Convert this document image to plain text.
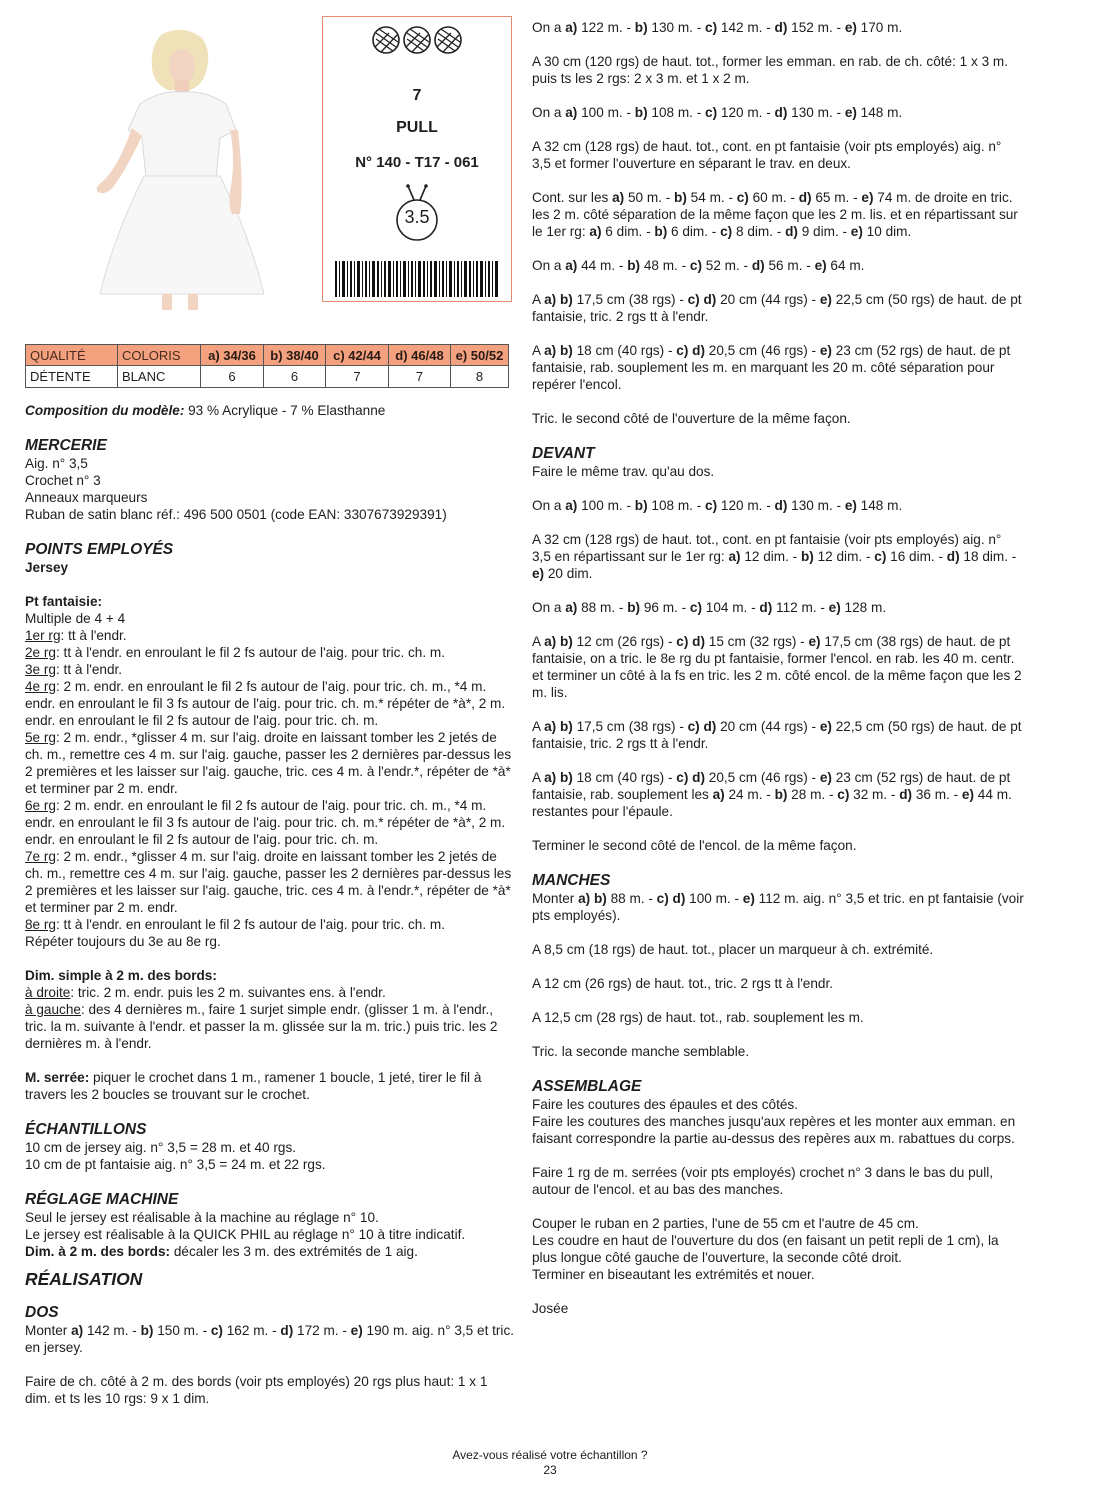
7
PULL
N° 140 - T17 - 061
3.5
QUALITÉ	COLORIS	a) 34/36	b) 38/40	c) 42/44	d) 46/48	e) 50/52
DÉTENTE	BLANC	6	6	7	7	8

Composition du modèle: 93 % Acrylique - 7 % Elasthanne

MERCERIE
Aig. n° 3,5
Crochet n° 3
Anneaux marqueurs

Ruban de satin blanc réf.: 496 500 0501 (code EAN: 3307673929391)

POINTS EMPLOYÉS

Jersey

Pt fantaisie:
Multiple de 4 + 4
1er rg: tt à l'endr.
2e rg: tt à l'endr. en enroulant le fil 2 fs autour de l'aig. pour tric. ch. m.
3e rg: tt à l'endr.
4e rg: 2 m. endr. en enroulant le fil 2 fs autour de l'aig. pour tric. ch. m., *4 m. endr. en enroulant le fil 3 fs autour de l'aig. pour tric. ch. m.* répéter de *à*, 2 m. endr. en enroulant le fil 2 fs autour de l'aig. pour tric. ch. m.
5e rg: 2 m. endr., *glisser 4 m. sur l'aig. droite en laissant tomber les 2 jetés de ch. m., remettre ces 4 m. sur l'aig. gauche, passer les 2 dernières par-dessus les 2 premières et les laisser sur l'aig. gauche, tric. ces 4 m. à l'endr.*, répéter de *à* et terminer par 2 m. endr.
6e rg: 2 m. endr. en enroulant le fil 2 fs autour de l'aig. pour tric. ch. m., *4 m. endr. en enroulant le fil 3 fs autour de l'aig. pour tric. ch. m.* répéter de *à*, 2 m. endr. en enroulant le fil 2 fs autour de l'aig. pour tric. ch. m.
7e rg: 2 m. endr., *glisser 4 m. sur l'aig. droite en laissant tomber les 2 jetés de ch. m., remettre ces 4 m. sur l'aig. gauche, passer les 2 dernières par-dessus les 2 premières et les laisser sur l'aig. gauche, tric. ces 4 m. à l'endr.*, répéter de *à* et terminer par 2 m. endr.
8e rg: tt à l'endr. en enroulant le fil 2 fs autour de l'aig. pour tric. ch. m.

Répéter toujours du 3e au 8e rg.

Dim. simple à 2 m. des bords:
à droite: tric. 2 m. endr. puis les 2 m. suivantes ens. à l'endr.

à gauche: des 4 dernières m., faire 1 surjet simple endr. (glisser 1 m. à l'endr., tric. la m. suivante à l'endr. et passer la m. glissée sur la m. tric.) puis tric. les 2 dernières m. à l'endr.

M. serrée: piquer le crochet dans 1 m., ramener 1 boucle, 1 jeté, tirer le fil à travers les 2 boucles se trouvant sur le crochet.

ÉCHANTILLONS
10 cm de jersey aig. n° 3,5 = 28 m. et 40 rgs.

10 cm de pt fantaisie aig. n° 3,5 = 24 m. et 22 rgs.

RÉGLAGE MACHINE
Seul le jersey est réalisable à la machine au réglage n° 10.
Le jersey est réalisable à la QUICK PHIL au réglage n° 10 à titre indicatif.
Dim. à 2 m. des bords: décaler les 3 m. des extrémités de 1 aig.
RÉALISATION
DOS

Monter a) 142 m. - b) 150 m. - c) 162 m. - d) 172 m. - e) 190 m. aig. n° 3,5 et tric. en jersey.

Faire de ch. côté à 2 m. des bords (voir pts employés) 20 rgs plus haut: 1 x 1 dim. et ts les 10 rgs: 9 x 1 dim.

On a a) 122 m. - b) 130 m. - c) 142 m. - d) 152 m. - e) 170 m.

A 30 cm (120 rgs) de haut. tot., former les emman. en rab. de ch. côté: 1 x 3 m. puis ts les 2 rgs: 2 x 3 m. et 1 x 2 m.

On a a) 100 m. - b) 108 m. - c) 120 m. - d) 130 m. - e) 148 m.

A 32 cm (128 rgs) de haut. tot., cont. en pt fantaisie (voir pts employés) aig. n° 3,5 et former l'ouverture en séparant le trav. en deux.

Cont. sur les a) 50 m. - b) 54 m. - c) 60 m. - d) 65 m. - e) 74 m. de droite en tric. les 2 m. côté séparation de la même façon que les 2 m. lis. et en répartissant sur le 1er rg: a) 6 dim. - b) 6 dim. - c) 8 dim. - d) 9 dim. - e) 10 dim.

On a a) 44 m. - b) 48 m. - c) 52 m. - d) 56 m. - e) 64 m.

A a) b) 17,5 cm (38 rgs) - c) d) 20 cm (44 rgs) - e) 22,5 cm (50 rgs) de haut. de pt fantaisie, tric. 2 rgs tt à l'endr.

A a) b) 18 cm (40 rgs) - c) d) 20,5 cm (46 rgs) - e) 23 cm (52 rgs) de haut. de pt fantaisie, rab. souplement les m. en marquant les 20 m. côté séparation pour repérer l'encol.

Tric. le second côté de l'ouverture de la même façon.

DEVANT

Faire le même trav. qu'au dos.

On a a) 100 m. - b) 108 m. - c) 120 m. - d) 130 m. - e) 148 m.

A 32 cm (128 rgs) de haut. tot., cont. en pt fantaisie (voir pts employés) aig. n° 3,5 en répartissant sur le 1er rg: a) 12 dim. - b) 12 dim. - c) 16 dim. - d) 18 dim. - e) 20 dim.

On a a) 88 m. - b) 96 m. - c) 104 m. - d) 112 m. - e) 128 m.

A a) b) 12 cm (26 rgs) - c) d) 15 cm (32 rgs) - e) 17,5 cm (38 rgs) de haut. de pt fantaisie, on a tric. le 8e rg du pt fantaisie, former l'encol. en rab. les 40 m. centr. et terminer un côté à la fs en tric. les 2 m. côté encol. de la même façon que les 2 m. lis.

A a) b) 17,5 cm (38 rgs) - c) d) 20 cm (44 rgs) - e) 22,5 cm (50 rgs) de haut. de pt fantaisie, tric. 2 rgs tt à l'endr.

A a) b) 18 cm (40 rgs) - c) d) 20,5 cm (46 rgs) - e) 23 cm (52 rgs) de haut. de pt fantaisie, rab. souplement les a) 24 m. - b) 28 m. - c) 32 m. - d) 36 m. - e) 44 m. restantes pour l'épaule.

Terminer le second côté de l'encol. de la même façon.

MANCHES

Monter a) b) 88 m. - c) d) 100 m. - e) 112 m. aig. n° 3,5 et tric. en pt fantaisie (voir pts employés).

A 8,5 cm (18 rgs) de haut. tot., placer un marqueur à ch. extrémité.

A 12 cm (26 rgs) de haut. tot., tric. 2 rgs tt à l'endr.

A 12,5 cm (28 rgs) de haut. tot., rab. souplement les m.

Tric. la seconde manche semblable.

ASSEMBLAGE
Faire les coutures des épaules et des côtés.

Faire les coutures des manches jusqu'aux repères et les monter aux emman. en faisant correspondre la partie au-dessus des repères aux m. rabattues du corps.

Faire 1 rg de m. serrées (voir pts employés) crochet n° 3 dans le bas du pull, autour de l'encol. et au bas des manches.

Couper le ruban en 2 parties, l'une de 55 cm et l'autre de 45 cm.
Les coudre en haut de l'ouverture du dos (en faisant un petit repli de 1 cm), la plus longue côté gauche de l'ouverture, la seconde côté droit.

Terminer en biseautant les extrémités et nouer.

Josée

Avez-vous réalisé votre échantillon ?
23
